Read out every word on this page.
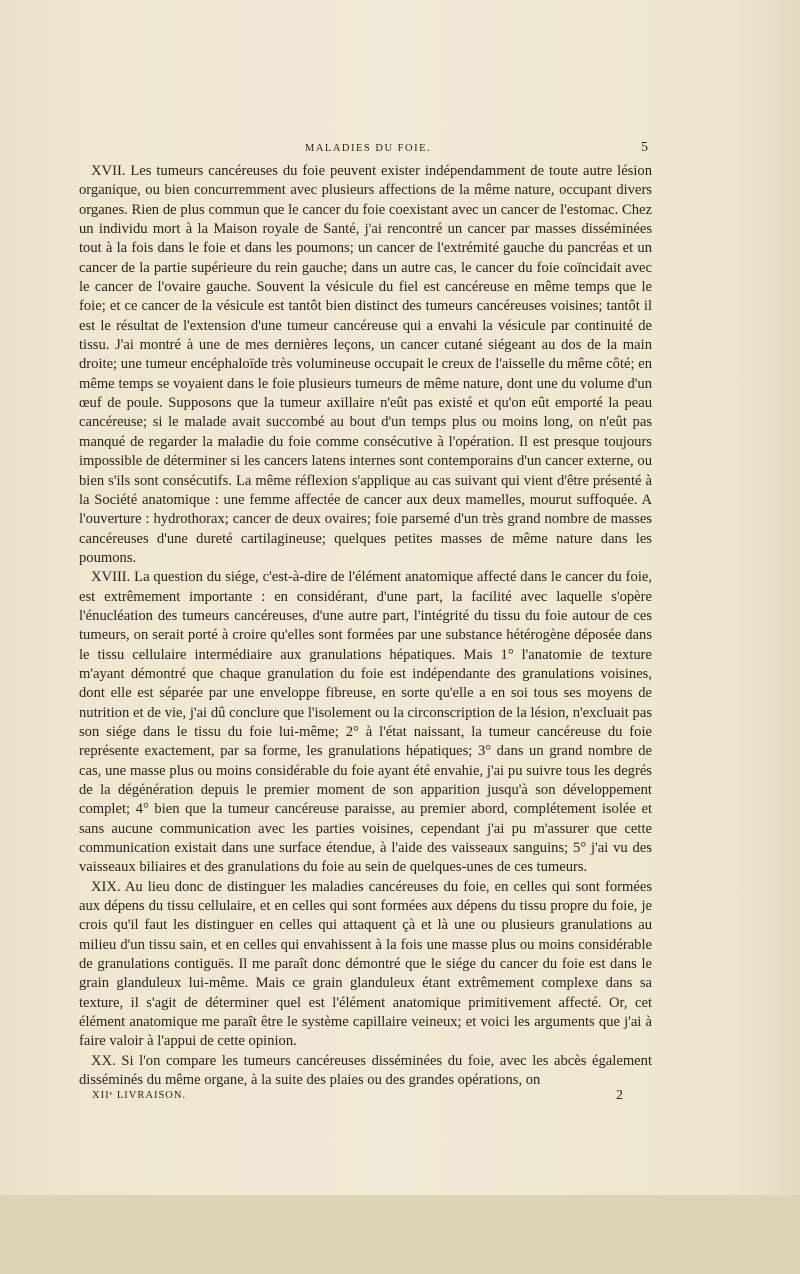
MALADIES DU FOIE.	5

XVII. Les tumeurs cancéreuses du foie peuvent exister indépendamment de toute autre lésion organique, ou bien concurremment avec plusieurs affections de la même nature, occupant divers organes. Rien de plus commun que le cancer du foie coexistant avec un cancer de l'estomac. Chez un individu mort à la Maison royale de Santé, j'ai rencontré un cancer par masses disséminées tout à la fois dans le foie et dans les poumons; un cancer de l'extrémité gauche du pancréas et un cancer de la partie supérieure du rein gauche; dans un autre cas, le cancer du foie coïncidait avec le cancer de l'ovaire gauche. Souvent la vésicule du fiel est cancéreuse en même temps que le foie; et ce cancer de la vésicule est tantôt bien distinct des tumeurs cancéreuses voisines; tantôt il est le résultat de l'extension d'une tumeur cancéreuse qui a envahi la vésicule par continuité de tissu. J'ai montré à une de mes dernières leçons, un cancer cutané siégeant au dos de la main droite; une tumeur encéphaloïde très volumineuse occupait le creux de l'aisselle du même côté; en même temps se voyaient dans le foie plusieurs tumeurs de même nature, dont une du volume d'un œuf de poule. Supposons que la tumeur axillaire n'eût pas existé et qu'on eût emporté la peau cancéreuse; si le malade avait succombé au bout d'un temps plus ou moins long, on n'eût pas manqué de regarder la maladie du foie comme consécutive à l'opération. Il est presque toujours impossible de déterminer si les cancers latens internes sont contemporains d'un cancer externe, ou bien s'ils sont consécutifs. La même réflexion s'applique au cas suivant qui vient d'être présenté à la Société anatomique : une femme affectée de cancer aux deux mamelles, mourut suffoquée. A l'ouverture : hydrothorax; cancer de deux ovaires; foie parsemé d'un très grand nombre de masses cancéreuses d'une dureté cartilagineuse; quelques petites masses de même nature dans les poumons.

XVIII. La question du siége, c'est-à-dire de l'élément anatomique affecté dans le cancer du foie, est extrêmement importante : en considérant, d'une part, la facilité avec laquelle s'opère l'énucléation des tumeurs cancéreuses, d'une autre part, l'intégrité du tissu du foie autour de ces tumeurs, on serait porté à croire qu'elles sont formées par une substance hétérogène déposée dans le tissu cellulaire intermédiaire aux granulations hépatiques. Mais 1° l'anatomie de texture m'ayant démontré que chaque granulation du foie est indépendante des granulations voisines, dont elle est séparée par une enveloppe fibreuse, en sorte qu'elle a en soi tous ses moyens de nutrition et de vie, j'ai dû conclure que l'isolement ou la circonscription de la lésion, n'excluait pas son siége dans le tissu du foie lui-même; 2° à l'état naissant, la tumeur cancéreuse du foie représente exactement, par sa forme, les granulations hépatiques; 3° dans un grand nombre de cas, une masse plus ou moins considérable du foie ayant été envahie, j'ai pu suivre tous les degrés de la dégénération depuis le premier moment de son apparition jusqu'à son développement complet; 4° bien que la tumeur cancéreuse paraisse, au premier abord, complétement isolée et sans aucune communication avec les parties voisines, cependant j'ai pu m'assurer que cette communication existait dans une surface étendue, à l'aide des vaisseaux sanguins; 5° j'ai vu des vaisseaux biliaires et des granulations du foie au sein de quelques-unes de ces tumeurs.

XIX. Au lieu donc de distinguer les maladies cancéreuses du foie, en celles qui sont formées aux dépens du tissu cellulaire, et en celles qui sont formées aux dépens du tissu propre du foie, je crois qu'il faut les distinguer en celles qui attaquent çà et là une ou plusieurs granulations au milieu d'un tissu sain, et en celles qui envahissent à la fois une masse plus ou moins considérable de granulations contiguës. Il me paraît donc démontré que le siége du cancer du foie est dans le grain glanduleux lui-même. Mais ce grain glanduleux étant extrêmement complexe dans sa texture, il s'agit de déterminer quel est l'élément anatomique primitivement affecté. Or, cet élément anatomique me paraît être le système capillaire veineux; et voici les arguments que j'ai à faire valoir à l'appui de cette opinion.

XX. Si l'on compare les tumeurs cancéreuses disséminées du foie, avec les abcès également disséminés du même organe, à la suite des plaies ou des grandes opérations, on

XIIᵉ LIVRAISON.	2
